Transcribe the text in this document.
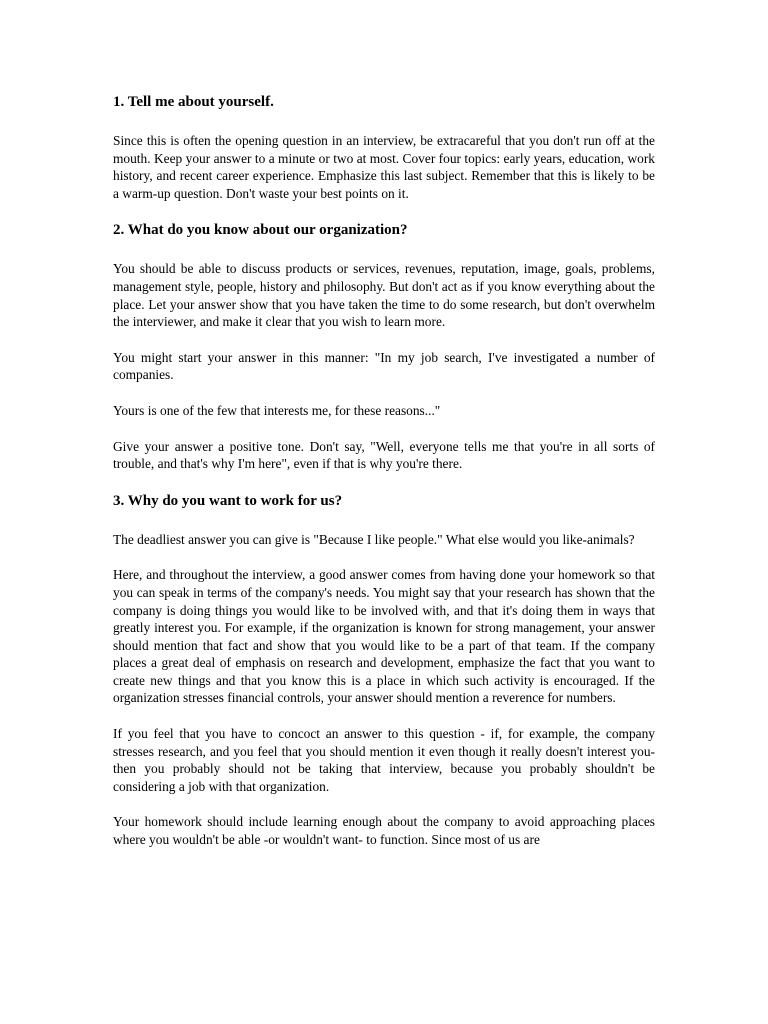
1. Tell me about yourself.

Since this is often the opening question in an interview, be extracareful that you don't run off at the mouth. Keep your answer to a minute or two at most. Cover four topics: early years, education, work history, and recent career experience. Emphasize this last subject. Remember that this is likely to be a warm-up question. Don't waste your best points on it.

2. What do you know about our organization?

You should be able to discuss products or services, revenues, reputation, image, goals, problems, management style, people, history and philosophy. But don't act as if you know everything about the place. Let your answer show that you have taken the time to do some research, but don't overwhelm the interviewer, and make it clear that you wish to learn more.

You might start your answer in this manner: "In my job search, I've investigated a number of companies.

Yours is one of the few that interests me, for these reasons..."

Give your answer a positive tone. Don't say, "Well, everyone tells me that you're in all sorts of trouble, and that's why I'm here", even if that is why you're there.

3. Why do you want to work for us?

The deadliest answer you can give is "Because I like people." What else would you like-animals?

Here, and throughout the interview, a good answer comes from having done your homework so that you can speak in terms of the company's needs. You might say that your research has shown that the company is doing things you would like to be involved with, and that it's doing them in ways that greatly interest you. For example, if the organization is known for strong management, your answer should mention that fact and show that you would like to be a part of that team. If the company places a great deal of emphasis on research and development, emphasize the fact that you want to create new things and that you know this is a place in which such activity is encouraged. If the organization stresses financial controls, your answer should mention a reverence for numbers.

If you feel that you have to concoct an answer to this question - if, for example, the company stresses research, and you feel that you should mention it even though it really doesn't interest you- then you probably should not be taking that interview, because you probably shouldn't be considering a job with that organization.

Your homework should include learning enough about the company to avoid approaching places where you wouldn't be able -or wouldn't want- to function. Since most of us are
